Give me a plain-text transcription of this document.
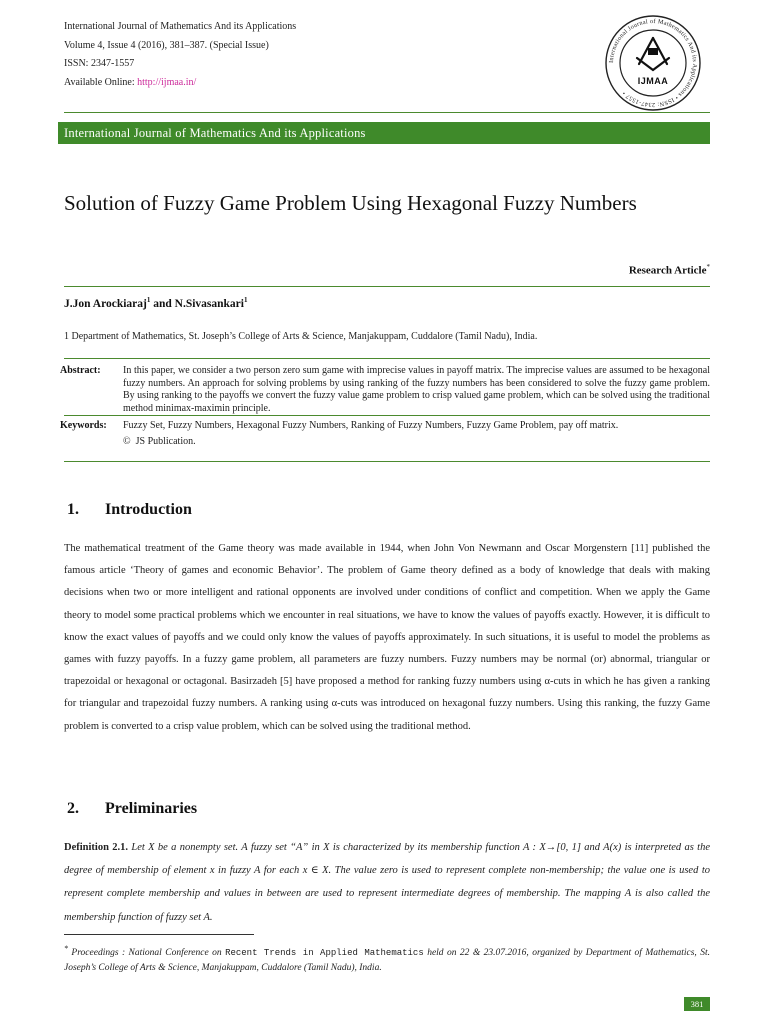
International Journal of Mathematics And its Applications
Volume 4, Issue 4 (2016), 381–387. (Special Issue)
ISSN: 2347-1557
Available Online: http://ijmaa.in/
International Journal of Mathematics And its Applications • ISSN: 2347-1557 •
IJMAA
International Journal of Mathematics And its Applications
Solution of Fuzzy Game Problem Using Hexagonal Fuzzy Numbers
Research Article*
J.Jon Arockiaraj$^1$ and N.Sivasankari$^1$
1 Department of Mathematics, St. Joseph’s College of Arts & Science, Manjakuppam, Cuddalore (Tamil Nadu), India.
Abstract: In this paper, we consider a two person zero sum game with imprecise values in payoff matrix. The imprecise values are assumed to be hexagonal fuzzy numbers. An approach for solving problems by using ranking of the fuzzy numbers has been considered to solve the fuzzy game problem. By using ranking to the payoffs we convert the fuzzy value game problem to crisp valued game problem, which can be solved using the traditional method minimax-maximin principle.
Keywords: Fuzzy Set, Fuzzy Numbers, Hexagonal Fuzzy Numbers, Ranking of Fuzzy Numbers, Fuzzy Game Problem, pay off matrix.
© JS Publication.
1. Introduction
The mathematical treatment of the Game theory was made available in 1944, when John Von Newmann and Oscar Morgenstern [11] published the famous article ‘Theory of games and economic Behavior’. The problem of Game theory defined as a body of knowledge that deals with making decisions when two or more intelligent and rational opponents are involved under conditions of conflict and competition. When we apply the Game theory to model some practical problems which we encounter in real situations, we have to know the values of payoffs exactly. However, it is difficult to know the exact values of payoffs and we could only know the values of payoffs approximately. In such situations, it is useful to model the problems as games with fuzzy payoffs. In a fuzzy game problem, all parameters are fuzzy numbers. Fuzzy numbers may be normal (or) abnormal, triangular or trapezoidal or hexagonal or octagonal. Basirzadeh [5] have proposed a method for ranking fuzzy numbers using α-cuts in which he has given a ranking for triangular and trapezoidal fuzzy numbers. A ranking using α-cuts was introduced on hexagonal fuzzy numbers. Using this ranking, the fuzzy Game problem is converted to a crisp value problem, which can be solved using the traditional method.
2. Preliminaries
Definition 2.1. Let X be a nonempty set. A fuzzy set “A” in X is characterized by its membership function A : X→[0, 1] and A(x) is interpreted as the degree of membership of element x in fuzzy A for each x ∈ X. The value zero is used to represent complete non-membership; the value one is used to represent complete membership and values in between are used to represent intermediate degrees of membership. The mapping A is also called the membership function of fuzzy set A.
* Proceedings : National Conference on Recent Trends in Applied Mathematics held on 22 & 23.07.2016, organized by Department of Mathematics, St. Joseph’s College of Arts & Science, Manjakuppam, Cuddalore (Tamil Nadu), India.
381
